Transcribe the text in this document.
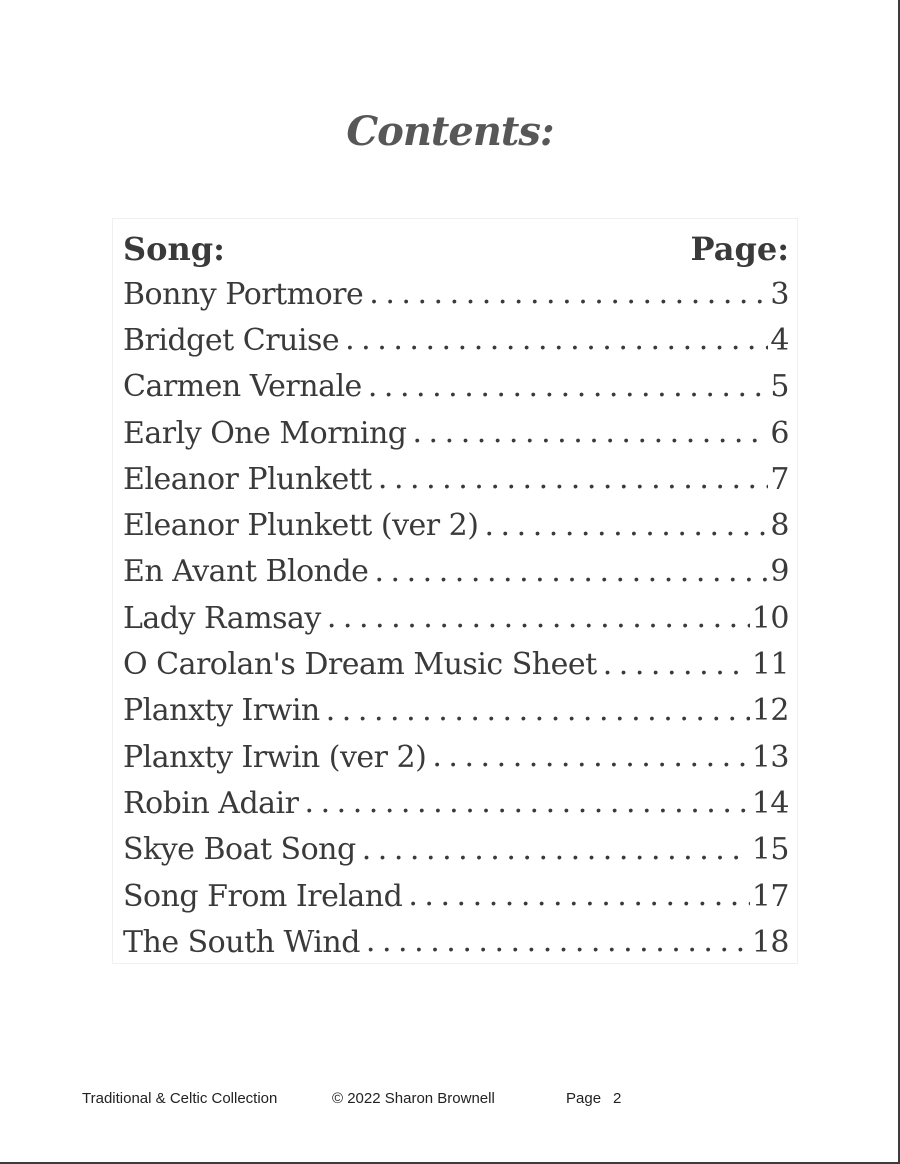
Contents:
Song:	Page:
Bonny Portmore . . .	3
Bridget Cruise . . .	4
Carmen Vernale . . .	5
Early One Morning . . .	6
Eleanor Plunkett . . .	7
Eleanor Plunkett (ver 2) . . .	8
En Avant Blonde . . .	9
Lady Ramsay . . .	10
O Carolan's Dream Music Sheet . . .	11
Planxty Irwin . . .	12
Planxty Irwin (ver 2) . . .	13
Robin Adair . . .	14
Skye Boat Song . . .	15
Song From Ireland . . .	17
The South Wind . . .	18
Traditional & Celtic Collection	© 2022 Sharon Brownell	Page 2
